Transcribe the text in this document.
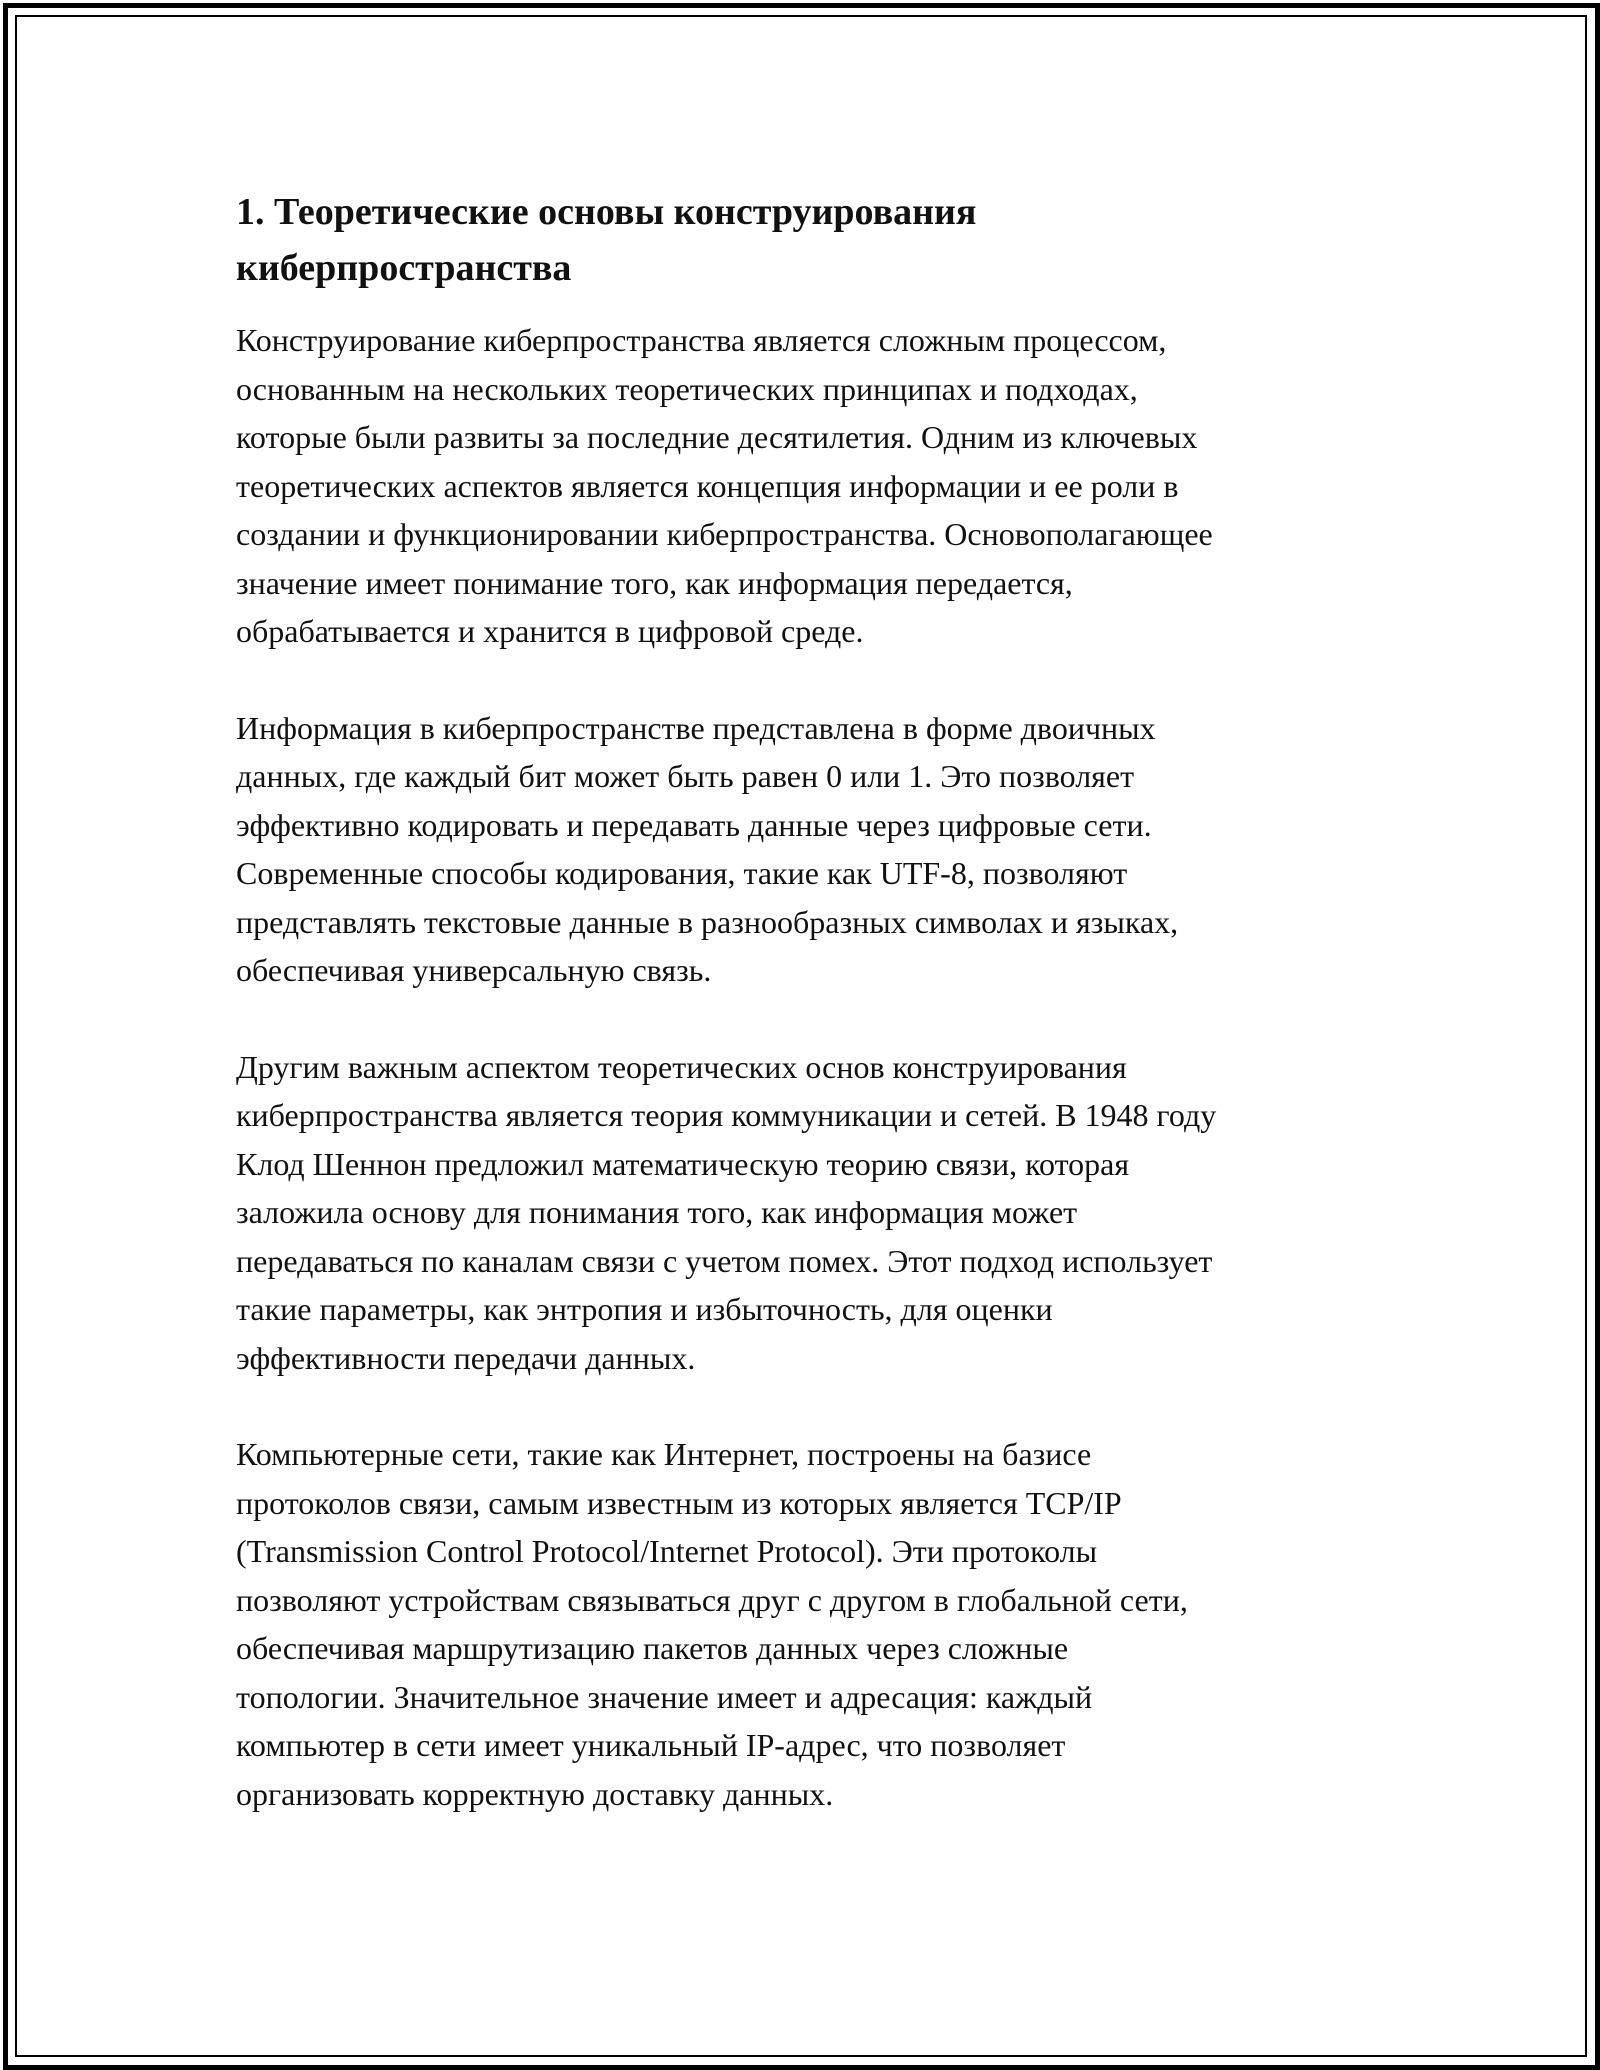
1. Теоретические основы конструирования
киберпространства

Конструирование киберпространства является сложным процессом,
основанным на нескольких теоретических принципах и подходах,
которые были развиты за последние десятилетия. Одним из ключевых
теоретических аспектов является концепция информации и ее роли в
создании и функционировании киберпространства. Основополагающее
значение имеет понимание того, как информация передается,
обрабатывается и хранится в цифровой среде.

Информация в киберпространстве представлена в форме двоичных
данных, где каждый бит может быть равен 0 или 1. Это позволяет
эффективно кодировать и передавать данные через цифровые сети.
Современные способы кодирования, такие как UTF-8, позволяют
представлять текстовые данные в разнообразных символах и языках,
обеспечивая универсальную связь.

Другим важным аспектом теоретических основ конструирования
киберпространства является теория коммуникации и сетей. В 1948 году
Клод Шеннон предложил математическую теорию связи, которая
заложила основу для понимания того, как информация может
передаваться по каналам связи с учетом помех. Этот подход использует
такие параметры, как энтропия и избыточность, для оценки
эффективности передачи данных.

Компьютерные сети, такие как Интернет, построены на базисе
протоколов связи, самым известным из которых является TCP/IP
(Transmission Control Protocol/Internet Protocol). Эти протоколы
позволяют устройствам связываться друг с другом в глобальной сети,
обеспечивая маршрутизацию пакетов данных через сложные
топологии. Значительное значение имеет и адресация: каждый
компьютер в сети имеет уникальный IP-адрес, что позволяет
организовать корректную доставку данных.
